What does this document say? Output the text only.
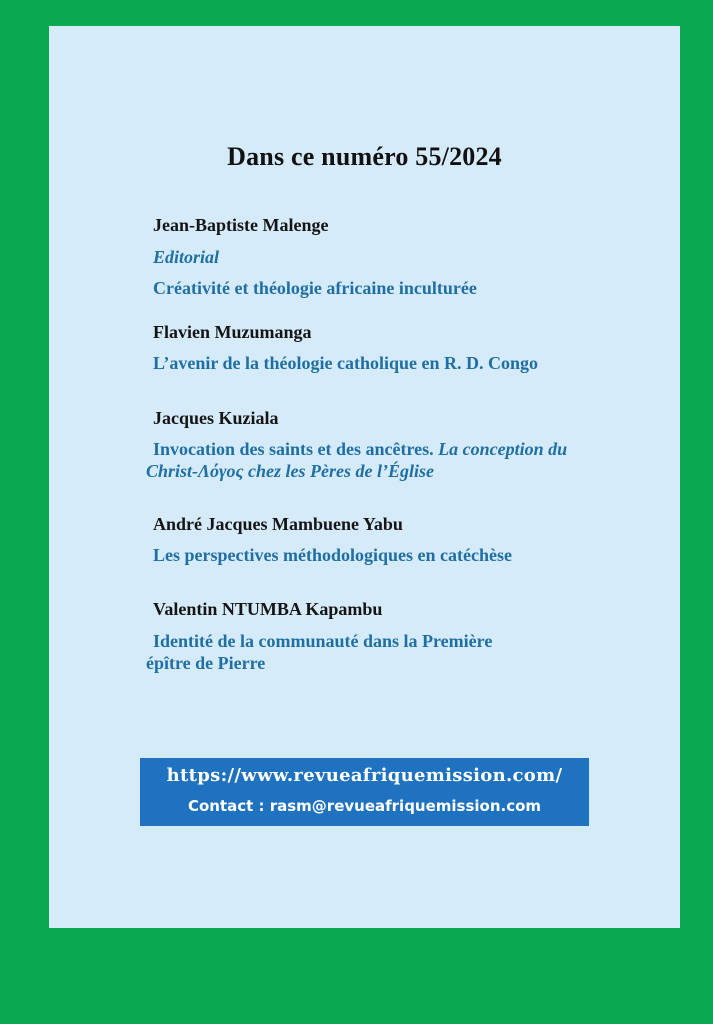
Dans ce numéro 55/2024
Jean-Baptiste Malenge
Editorial
Créativité et théologie africaine inculturée
Flavien Muzumanga
L’avenir de la théologie catholique en R. D. Congo
Jacques Kuziala
Invocation des saints et des ancêtres. La conception du
Christ-Λόγος chez les Pères de l’Église
André Jacques Mambuene Yabu
Les perspectives méthodologiques en catéchèse
Valentin NTUMBA Kapambu
Identité de la communauté dans la Première
épître de Pierre
https://www.revueafriquemission.com/
Contact : rasm@revueafriquemission.com
